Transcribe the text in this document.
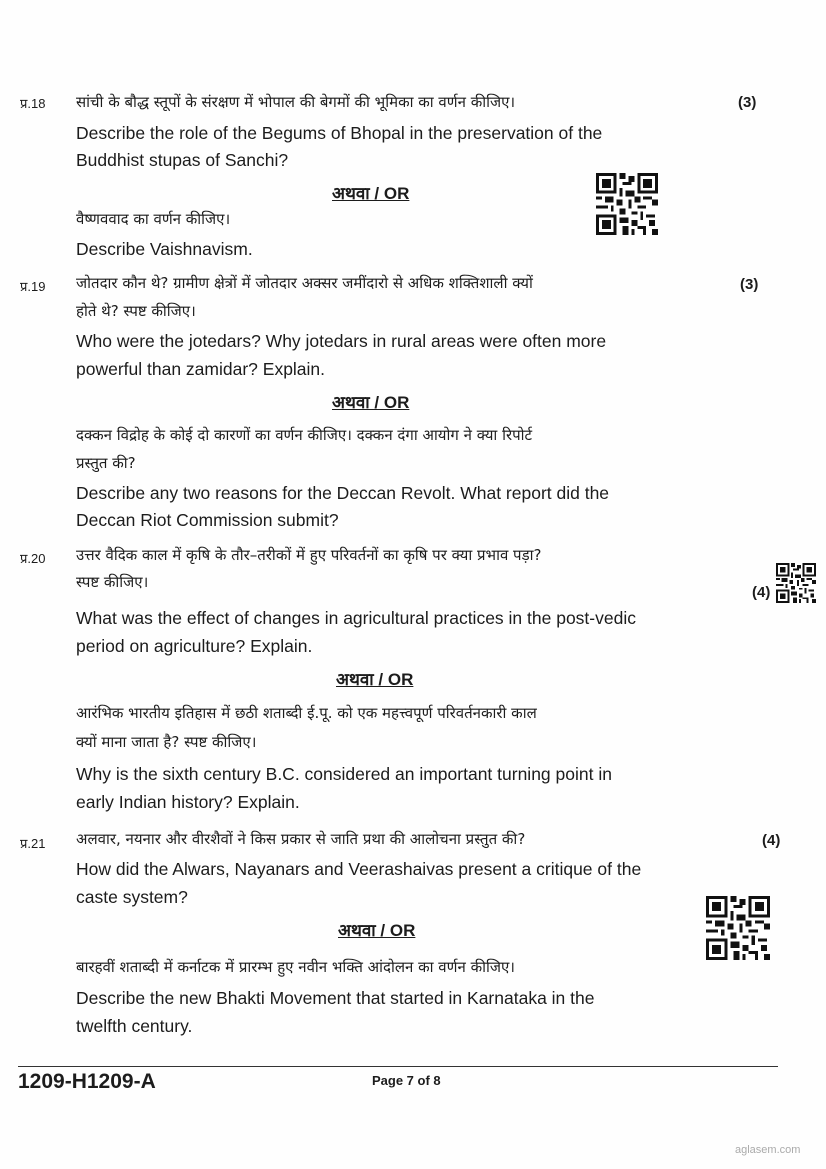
प्र.18	(3)
सांची के बौद्ध स्तूपों के संरक्षण में भोपाल की बेगमों की भूमिका का वर्णन कीजिए।
Describe the role of the Begums of Bhopal in the preservation of the
Buddhist stupas of Sanchi?
अथवा / OR
वैष्णववाद का वर्णन कीजिए।
Describe Vaishnavism.
प्र.19	(3)
जोतदार कौन थे? ग्रामीण क्षेत्रों में जोतदार अक्सर जमींदारो से अधिक शक्तिशाली क्यों
होते थे? स्पष्ट कीजिए।
Who were the jotedars? Why jotedars in rural areas were often more
powerful than zamidar? Explain.
अथवा / OR
दक्कन विद्रोह के कोई दो कारणों का वर्णन कीजिए। दक्कन दंगा आयोग ने क्या रिपोर्ट
प्रस्तुत की?
Describe any two reasons for the Deccan Revolt. What report did the
Deccan Riot Commission submit?
प्र.20
(4)
उत्तर वैदिक काल में कृषि के तौर–तरीकों में हुए परिवर्तनों का कृषि पर क्या प्रभाव पड़ा?
स्पष्ट कीजिए।
What was the effect of changes in agricultural practices in the post-vedic
period on agriculture? Explain.
अथवा / OR
आरंभिक भारतीय इतिहास में छठी शताब्दी ई.पू. को एक महत्त्वपूर्ण परिवर्तनकारी काल
क्यों माना जाता है? स्पष्ट कीजिए।
Why is the sixth century B.C. considered an important turning point in
early Indian history? Explain.
प्र.21	(4)
अलवार, नयनार और वीरशैवों ने किस प्रकार से जाति प्रथा की आलोचना प्रस्तुत की?
How did the Alwars, Nayanars and Veerashaivas present a critique of the
caste system?
अथवा / OR
बारहवीं शताब्दी में कर्नाटक में प्रारम्भ हुए नवीन भक्ति आंदोलन का वर्णन कीजिए।
Describe the new Bhakti Movement that started in Karnataka in the
twelfth century.
1209-H1209-A	Page 7 of 8
aglasem.com
